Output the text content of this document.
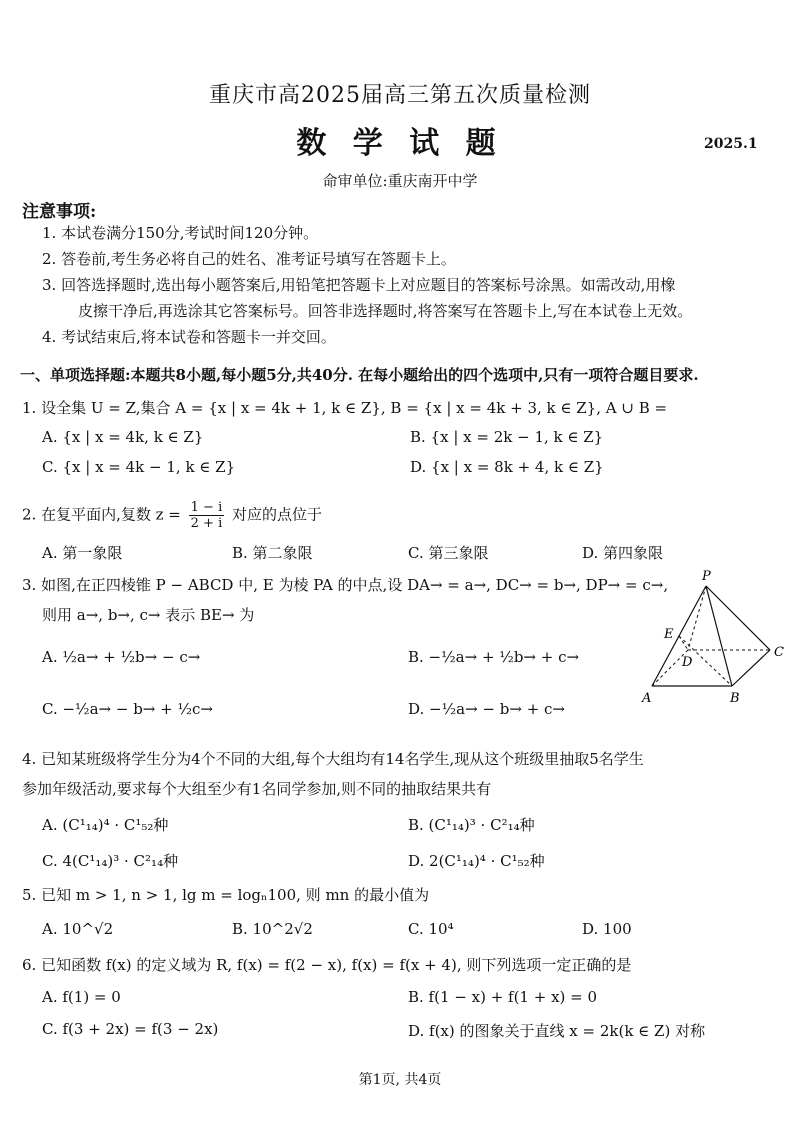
重庆市高2025届高三第五次质量检测
数 学 试 题	2025.1
命审单位:重庆南开中学
注意事项:
1. 本试卷满分150分,考试时间120分钟。
2. 答卷前,考生务必将自己的姓名、准考证号填写在答题卡上。
3. 回答选择题时,选出每小题答案后,用铅笔把答题卡上对应题目的答案标号涂黑。如需改动,用橡
皮擦干净后,再选涂其它答案标号。回答非选择题时,将答案写在答题卡上,写在本试卷上无效。
4. 考试结束后,将本试卷和答题卡一并交回。
一、单项选择题:本题共8小题,每小题5分,共40分. 在每小题给出的四个选项中,只有一项符合题目要求.
1. 设全集 U = Z,集合 A = {x | x = 4k + 1, k ∈ Z}, B = {x | x = 4k + 3, k ∈ Z}, A ∪ B =
A. {x | x = 4k, k ∈ Z}	B. {x | x = 2k − 1, k ∈ Z}
C. {x | x = 4k − 1, k ∈ Z}	D. {x | x = 8k + 4, k ∈ Z}
2. 在复平面内,复数 $z = \frac{1 - i}{2 + i}$ 对应的点位于
A. 第一象限	B. 第二象限	C. 第三象限	D. 第四象限
3. 如图,在正四棱锥 P − ABCD 中, E 为棱 PA 的中点,设 DA→ = a→, DC→ = b→, DP→ = c→,
则用 a→, b→, c→ 表示 BE→ 为
A. ½a→ + ½b→ − c→	B. −½a→ + ½b→ + c→
C. −½a→ − b→ + ½c→	D. −½a→ − b→ + c→
P
E
D
C
A	B
4. 已知某班级将学生分为4个不同的大组,每个大组均有14名学生,现从这个班级里抽取5名学生
参加年级活动,要求每个大组至少有1名同学参加,则不同的抽取结果共有
A. (C¹₁₄)⁴ · C¹₅₂种	B. (C¹₁₄)³ · C²₁₄种
C. 4(C¹₁₄)³ · C²₁₄种	D. 2(C¹₁₄)⁴ · C¹₅₂种
5. 已知 m > 1, n > 1, lg m = logₙ100, 则 mn 的最小值为
A. 10^√2	B. 10^2√2	C. 10⁴	D. 100
6. 已知函数 f(x) 的定义域为 R, f(x) = f(2 − x), f(x) = f(x + 4), 则下列选项一定正确的是
A. f(1) = 0	B. f(1 − x) + f(1 + x) = 0
C. f(3 + 2x) = f(3 − 2x)	D. f(x) 的图象关于直线 x = 2k(k ∈ Z) 对称
第1页, 共4页
